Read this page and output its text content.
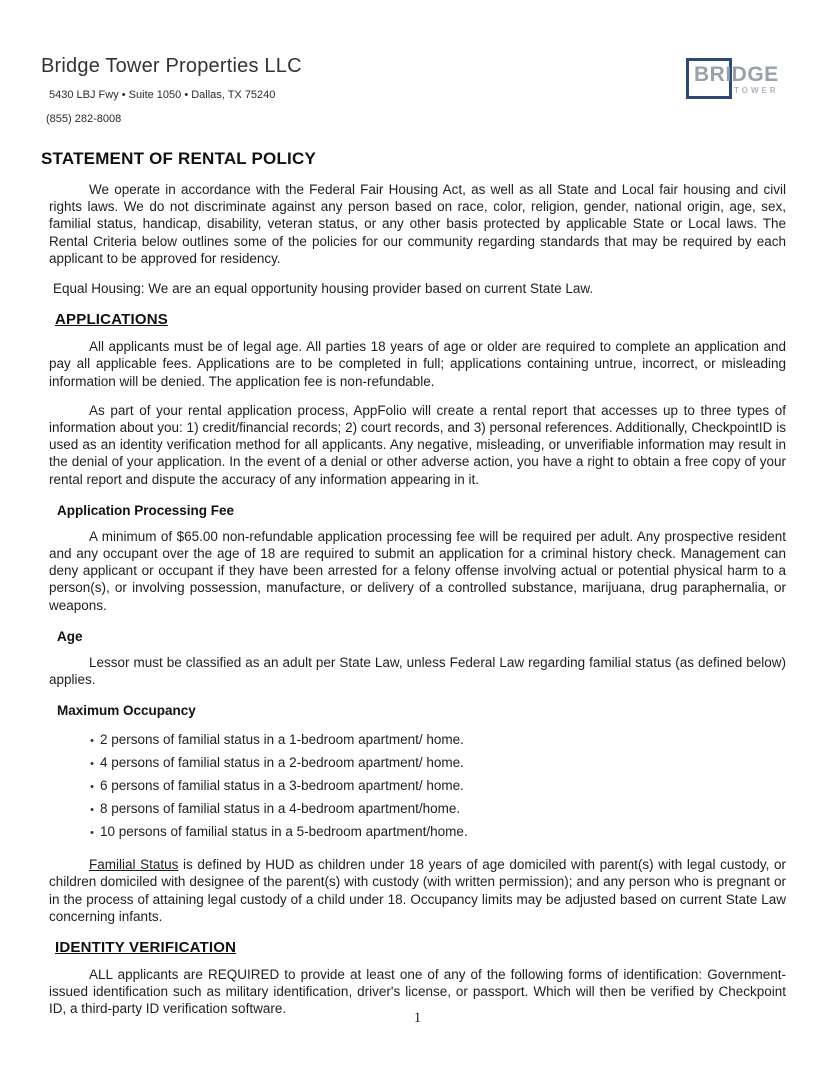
Bridge Tower Properties LLC
5430 LBJ Fwy • Suite 1050 • Dallas, TX 75240
(855) 282-8008
BRIDGE
TOWER
STATEMENT OF RENTAL POLICY

We operate in accordance with the Federal Fair Housing Act, as well as all State and Local fair housing and civil rights laws. We do not discriminate against any person based on race, color, religion, gender, national origin, age, sex, familial status, handicap, disability, veteran status, or any other basis protected by applicable State or Local laws. The Rental Criteria below outlines some of the policies for our community regarding standards that may be required by each applicant to be approved for residency.

Equal Housing: We are an equal opportunity housing provider based on current State Law.
APPLICATIONS

All applicants must be of legal age. All parties 18 years of age or older are required to complete an application and pay all applicable fees. Applications are to be completed in full; applications containing untrue, incorrect, or misleading information will be denied. The application fee is non-refundable.

As part of your rental application process, AppFolio will create a rental report that accesses up to three types of information about you: 1) credit/financial records; 2) court records, and 3) personal references. Additionally, CheckpointID is used as an identity verification method for all applicants. Any negative, misleading, or unverifiable information may result in the denial of your application. In the event of a denial or other adverse action, you have a right to obtain a free copy of your rental report and dispute the accuracy of any information appearing in it.

Application Processing Fee

A minimum of $65.00 non-refundable application processing fee will be required per adult. Any prospective resident and any occupant over the age of 18 are required to submit an application for a criminal history check. Management can deny applicant or occupant if they have been arrested for a felony offense involving actual or potential physical harm to a person(s), or involving possession, manufacture, or delivery of a controlled substance, marijuana, drug paraphernalia, or weapons.

Age

Lessor must be classified as an adult per State Law, unless Federal Law regarding familial status (as defined below) applies.

Maximum Occupancy
• 2 persons of familial status in a 1-bedroom apartment/ home.
• 4 persons of familial status in a 2-bedroom apartment/ home.
• 6 persons of familial status in a 3-bedroom apartment/ home.
• 8 persons of familial status in a 4-bedroom apartment/home.
• 10 persons of familial status in a 5-bedroom apartment/home.

Familial Status is defined by HUD as children under 18 years of age domiciled with parent(s) with legal custody, or children domiciled with designee of the parent(s) with custody (with written permission); and any person who is pregnant or in the process of attaining legal custody of a child under 18. Occupancy limits may be adjusted based on current State Law concerning infants.

IDENTITY VERIFICATION

ALL applicants are REQUIRED to provide at least one of any of the following forms of identification: Government-issued identification such as military identification, driver's license, or passport. Which will then be verified by Checkpoint ID, a third-party ID verification software.

1
